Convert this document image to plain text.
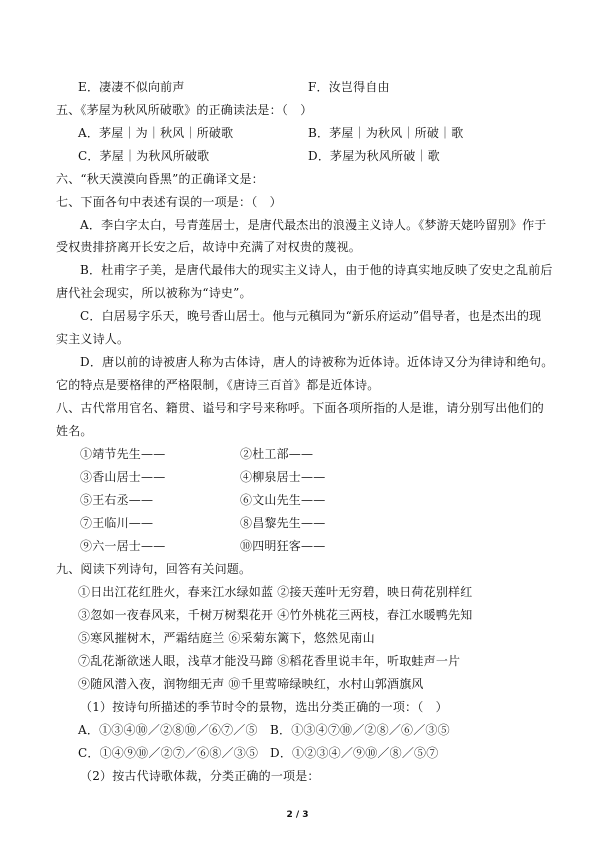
E．凄凄不似向前声	F．汝岂得自由
五、《茅屋为秋风所破歌》的正确读法是：（　）
A．茅屋｜为｜秋风｜所破歌	B．茅屋｜为秋风｜所破｜歌
C．茅屋｜为秋风所破歌	D．茅屋为秋风所破｜歌
六、“秋天漠漠向昏黑”的正确译文是：
七、下面各句中表述有误的一项是：（　）
A．李白字太白，号青莲居士，是唐代最杰出的浪漫主义诗人。《梦游天姥吟留别》作于
受权贵排挤离开长安之后，故诗中充满了对权贵的蔑视。
B．杜甫字子美，是唐代最伟大的现实主义诗人，由于他的诗真实地反映了安史之乱前后
唐代社会现实，所以被称为“诗史”。
C．白居易字乐天，晚号香山居士。他与元稹同为“新乐府运动”倡导者，也是杰出的现
实主义诗人。
D．唐以前的诗被唐人称为古体诗，唐人的诗被称为近体诗。近体诗又分为律诗和绝句。
它的特点是要格律的严格限制，《唐诗三百首》都是近体诗。
八、古代常用官名、籍贯、谥号和字号来称呼。下面各项所指的人是谁，请分别写出他们的
姓名。
①靖节先生——	②杜工部——
③香山居士——	④柳泉居士——
⑤王右丞——	⑥文山先生——
⑦王临川——	⑧昌黎先生——
⑨六一居士——	⑩四明狂客——
九、阅读下列诗句，回答有关问题。
①日出江花红胜火，春来江水绿如蓝 ②接天莲叶无穷碧，映日荷花别样红
③忽如一夜春风来，千树万树梨花开 ④竹外桃花三两枝，春江水暖鸭先知
⑤寒风摧树木，严霜结庭兰 ⑥采菊东篱下，悠然见南山
⑦乱花渐欲迷人眼，浅草才能没马蹄 ⑧稻花香里说丰年，听取蛙声一片
⑨随风潜入夜，润物细无声 ⑩千里莺啼绿映红，水村山郭酒旗风
（1）按诗句所描述的季节时令的景物，选出分类正确的一项：（　）
A．①③④⑩／②⑧⑩／⑥⑦／⑤ B．①③④⑦⑩／②⑧／⑥／③⑤
C．①④⑨⑩／②⑦／⑥⑧／③⑤ D．①②③④／⑨⑩／⑧／⑤⑦
（2）按古代诗歌体裁，分类正确的一项是：
2 / 3
